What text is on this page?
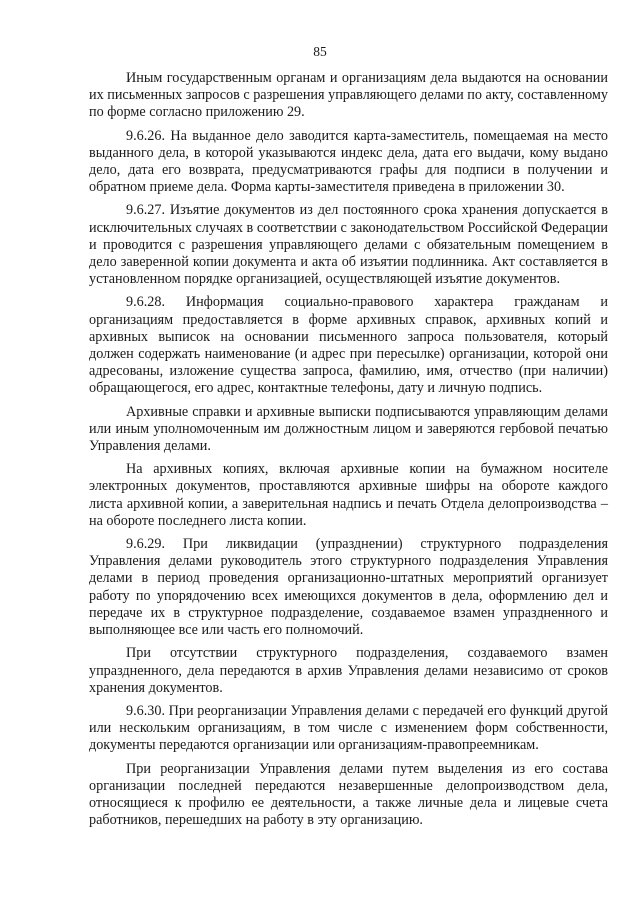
85

Иным государственным органам и организациям дела выдаются на основании их письменных запросов с разрешения управляющего делами по акту, составленному по форме согласно приложению 29.

9.6.26. На выданное дело заводится карта-заместитель, помещаемая на место выданного дела, в которой указываются индекс дела, дата его выдачи, кому выдано дело, дата его возврата, предусматриваются графы для подписи в получении и обратном приеме дела. Форма карты-заместителя приведена в приложении 30.

9.6.27. Изъятие документов из дел постоянного срока хранения допускается в исключительных случаях в соответствии с законодательством Российской Федерации и проводится с разрешения управляющего делами с обязательным помещением в дело заверенной копии документа и акта об изъятии подлинника. Акт составляется в установленном порядке организацией, осуществляющей изъятие документов.

9.6.28. Информация социально-правового характера гражданам и организациям предоставляется в форме архивных справок, архивных копий и архивных выписок на основании письменного запроса пользователя, который должен содержать наименование (и адрес при пересылке) организации, которой они адресованы, изложение существа запроса, фамилию, имя, отчество (при наличии) обращающегося, его адрес, контактные телефоны, дату и личную подпись.

Архивные справки и архивные выписки подписываются управляющим делами или иным уполномоченным им должностным лицом и заверяются гербовой печатью Управления делами.

На архивных копиях, включая архивные копии на бумажном носителе электронных документов, проставляются архивные шифры на обороте каждого листа архивной копии, а заверительная надпись и печать Отдела делопроизводства – на обороте последнего листа копии.

9.6.29. При ликвидации (упразднении) структурного подразделения Управления делами руководитель этого структурного подразделения Управления делами в период проведения организационно-штатных мероприятий организует работу по упорядочению всех имеющихся документов в дела, оформлению дел и передаче их в структурное подразделение, создаваемое взамен упраздненного и выполняющее все или часть его полномочий.

При отсутствии структурного подразделения, создаваемого взамен упраздненного, дела передаются в архив Управления делами независимо от сроков хранения документов.

9.6.30. При реорганизации Управления делами с передачей его функций другой или нескольким организациям, в том числе с изменением форм собственности, документы передаются организации или организациям-правопреемникам.

При реорганизации Управления делами путем выделения из его состава организации последней передаются незавершенные делопроизводством дела, относящиеся к профилю ее деятельности, а также личные дела и лицевые счета работников, перешедших на работу в эту организацию.
